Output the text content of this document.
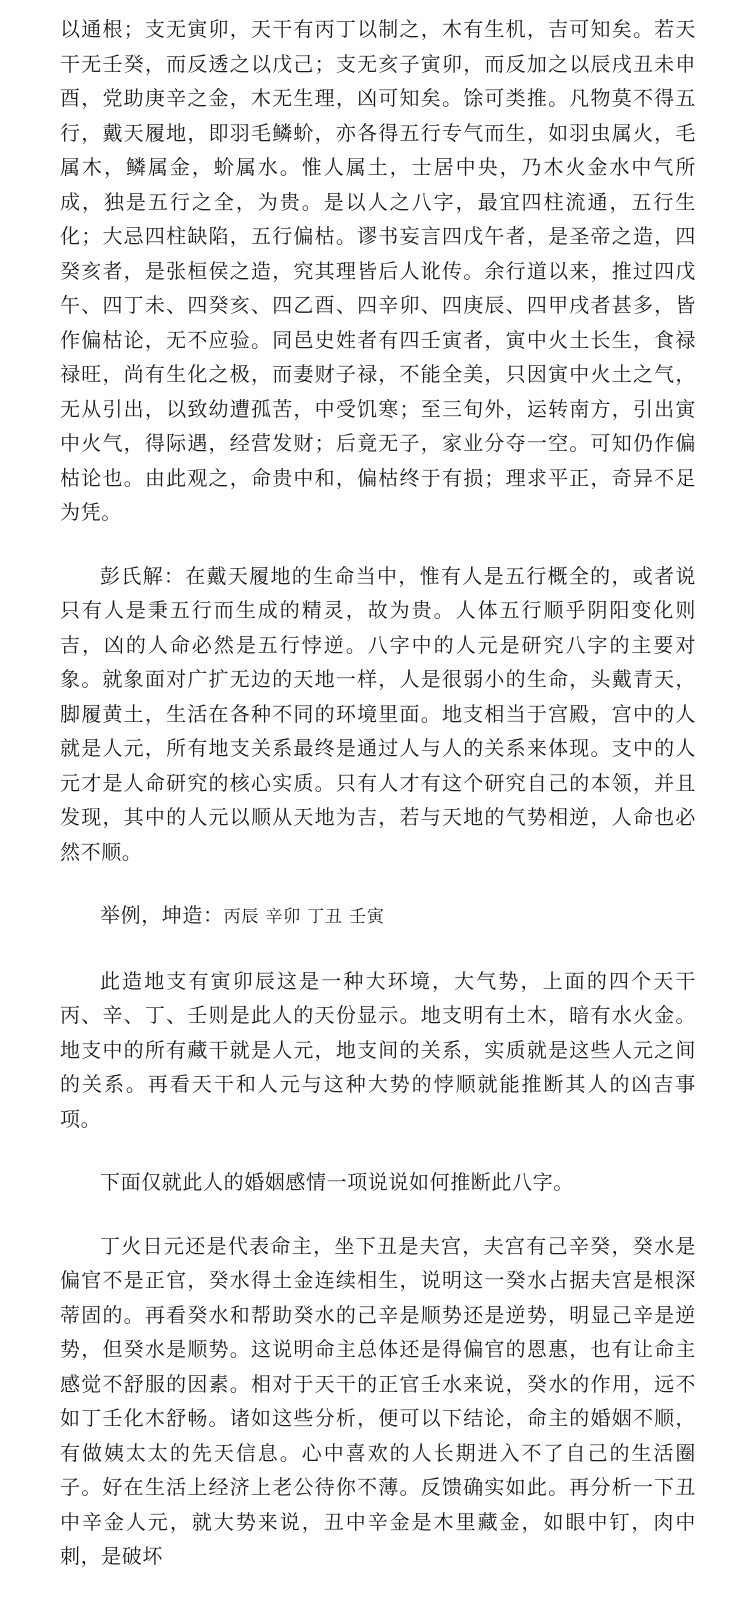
以通根；支无寅卯，天干有丙丁以制之，木有生机，吉可知矣。若天干无壬癸，而反透之以戊己；支无亥子寅卯，而反加之以辰戌丑未申酉，党助庚辛之金，木无生理，凶可知矣。馀可类推。凡物莫不得五行，戴天履地，即羽毛鳞蚧，亦各得五行专气而生，如羽虫属火，毛属木，鳞属金，蚧属水。惟人属土，士居中央，乃木火金水中气所成，独是五行之全，为贵。是以人之八字，最宜四柱流通，五行生化；大忌四柱缺陷，五行偏枯。谬书妄言四戊午者，是圣帝之造，四癸亥者，是张桓侯之造，究其理皆后人讹传。余行道以来，推过四戊午、四丁未、四癸亥、四乙酉、四辛卯、四庚辰、四甲戌者甚多，皆作偏枯论，无不应验。同邑史姓者有四壬寅者，寅中火土长生，食禄禄旺，尚有生化之极，而妻财子禄，不能全美，只因寅中火土之气，无从引出，以致幼遭孤苦，中受饥寒；至三旬外，运转南方，引出寅中火气，得际遇，经营发财；后竟无子，家业分夺一空。可知仍作偏枯论也。由此观之，命贵中和，偏枯终于有损；理求平正，奇异不足为凭。

彭氏解：在戴天履地的生命当中，惟有人是五行概全的，或者说只有人是秉五行而生成的精灵，故为贵。人体五行顺乎阴阳变化则吉，凶的人命必然是五行悖逆。八字中的人元是研究八字的主要对象。就象面对广扩无边的天地一样，人是很弱小的生命，头戴青天，脚履黄土，生活在各种不同的环境里面。地支相当于宫殿，宫中的人就是人元，所有地支关系最终是通过人与人的关系来体现。支中的人元才是人命研究的核心实质。只有人才有这个研究自己的本领，并且发现，其中的人元以顺从天地为吉，若与天地的气势相逆，人命也必然不顺。

举例，坤造：丙辰 辛卯 丁丑 壬寅

此造地支有寅卯辰这是一种大环境，大气势，上面的四个天干丙、辛、丁、壬则是此人的天份显示。地支明有土木，暗有水火金。地支中的所有藏干就是人元，地支间的关系，实质就是这些人元之间的关系。再看天干和人元与这种大势的悖顺就能推断其人的凶吉事项。

下面仅就此人的婚姻感情一项说说如何推断此八字。

丁火日元还是代表命主，坐下丑是夫宫，夫宫有己辛癸，癸水是偏官不是正官，癸水得土金连续相生，说明这一癸水占据夫宫是根深蒂固的。再看癸水和帮助癸水的己辛是顺势还是逆势，明显己辛是逆势，但癸水是顺势。这说明命主总体还是得偏官的恩惠，也有让命主感觉不舒服的因素。相对于天干的正官壬水来说，癸水的作用，远不如丁壬化木舒畅。诸如这些分析，便可以下结论，命主的婚姻不顺，有做姨太太的先天信息。心中喜欢的人长期进入不了自己的生活圈子。好在生活上经济上老公待你不薄。反馈确实如此。再分析一下丑中辛金人元，就大势来说，丑中辛金是木里藏金，如眼中钉，肉中刺，是破坏
